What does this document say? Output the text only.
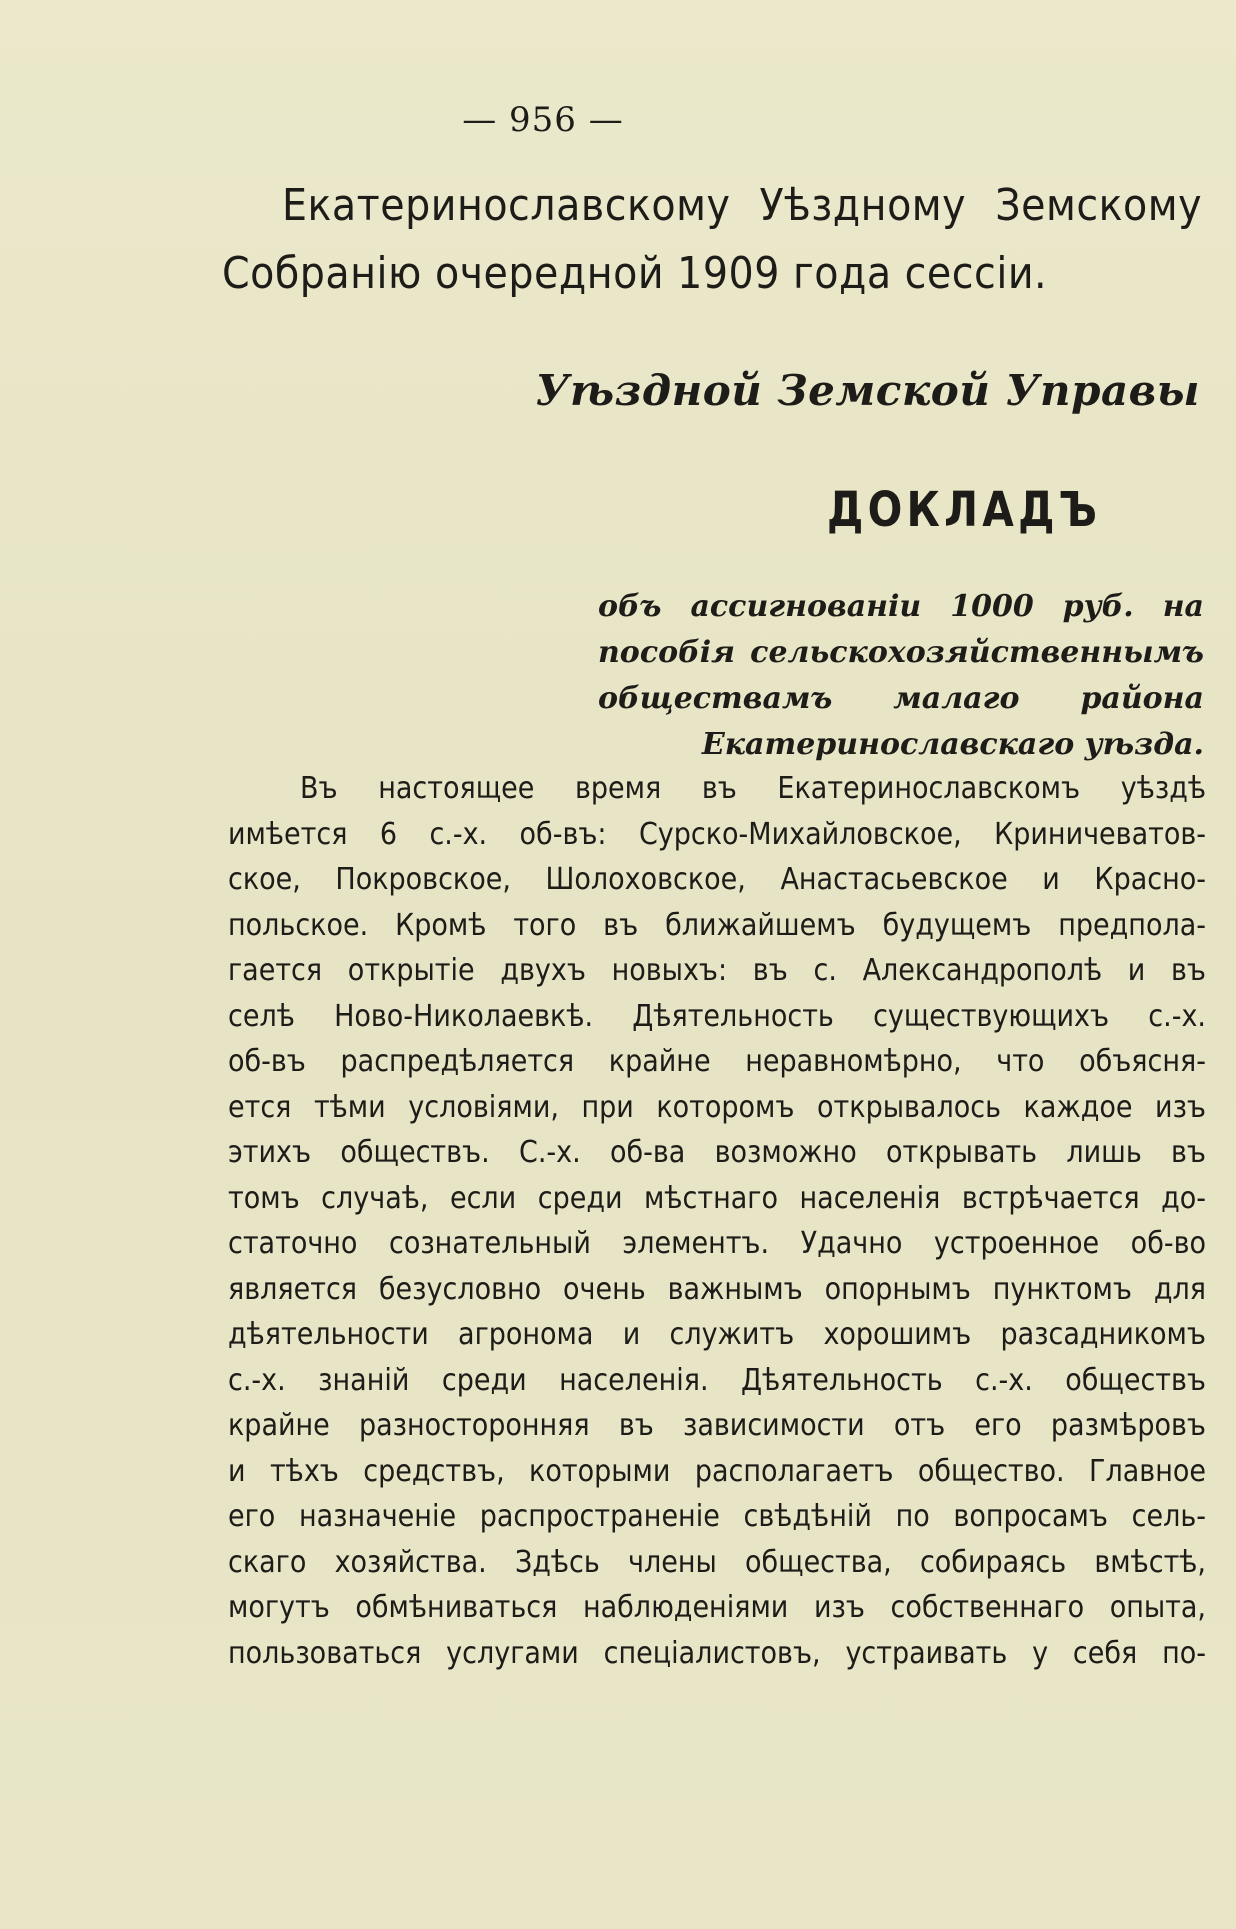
— 956 —
Екатеринославскому Уѣздному Земскому
Собранію очередной 1909 года сессіи.
Уѣздной Земской Управы
ДОКЛАДЪ
объ ассигнованіи 1000 руб. на пособія сельскохозяйственнымъ обществамъ малаго района Екатеринославскаго уѣзда.
Въ настоящее время въ Екатеринославскомъ уѣздѣ
имѣется 6 с.-х. об-въ: Сурско-Михайловское, Криничеватов-
ское, Покровское, Шолоховское, Анастасьевское и Красно-
польское. Кромѣ того въ ближайшемъ будущемъ предпола-
гается открытіе двухъ новыхъ: въ с. Александрополѣ и въ
селѣ Ново-Николаевкѣ. Дѣятельность существующихъ с.-х.
об-въ распредѣляется крайне неравномѣрно, что объясня-
ется тѣми условіями, при которомъ открывалось каждое изъ
этихъ обществъ. С.-х. об-ва возможно открывать лишь въ
томъ случаѣ, если среди мѣстнаго населенія встрѣчается до-
статочно сознательный элементъ. Удачно устроенное об-во
является безусловно очень важнымъ опорнымъ пунктомъ для
дѣятельности агронома и служитъ хорошимъ разсадникомъ
с.-х. знаній среди населенія. Дѣятельность с.-х. обществъ
крайне разносторонняя въ зависимости отъ его размѣровъ
и тѣхъ средствъ, которыми располагаетъ общество. Главное
его назначеніе распространеніе свѣдѣній по вопросамъ сель-
скаго хозяйства. Здѣсь члены общества, собираясь вмѣстѣ,
могутъ обмѣниваться наблюденіями изъ собственнаго опыта,
пользоваться услугами спеціалистовъ, устраивать у себя по-
